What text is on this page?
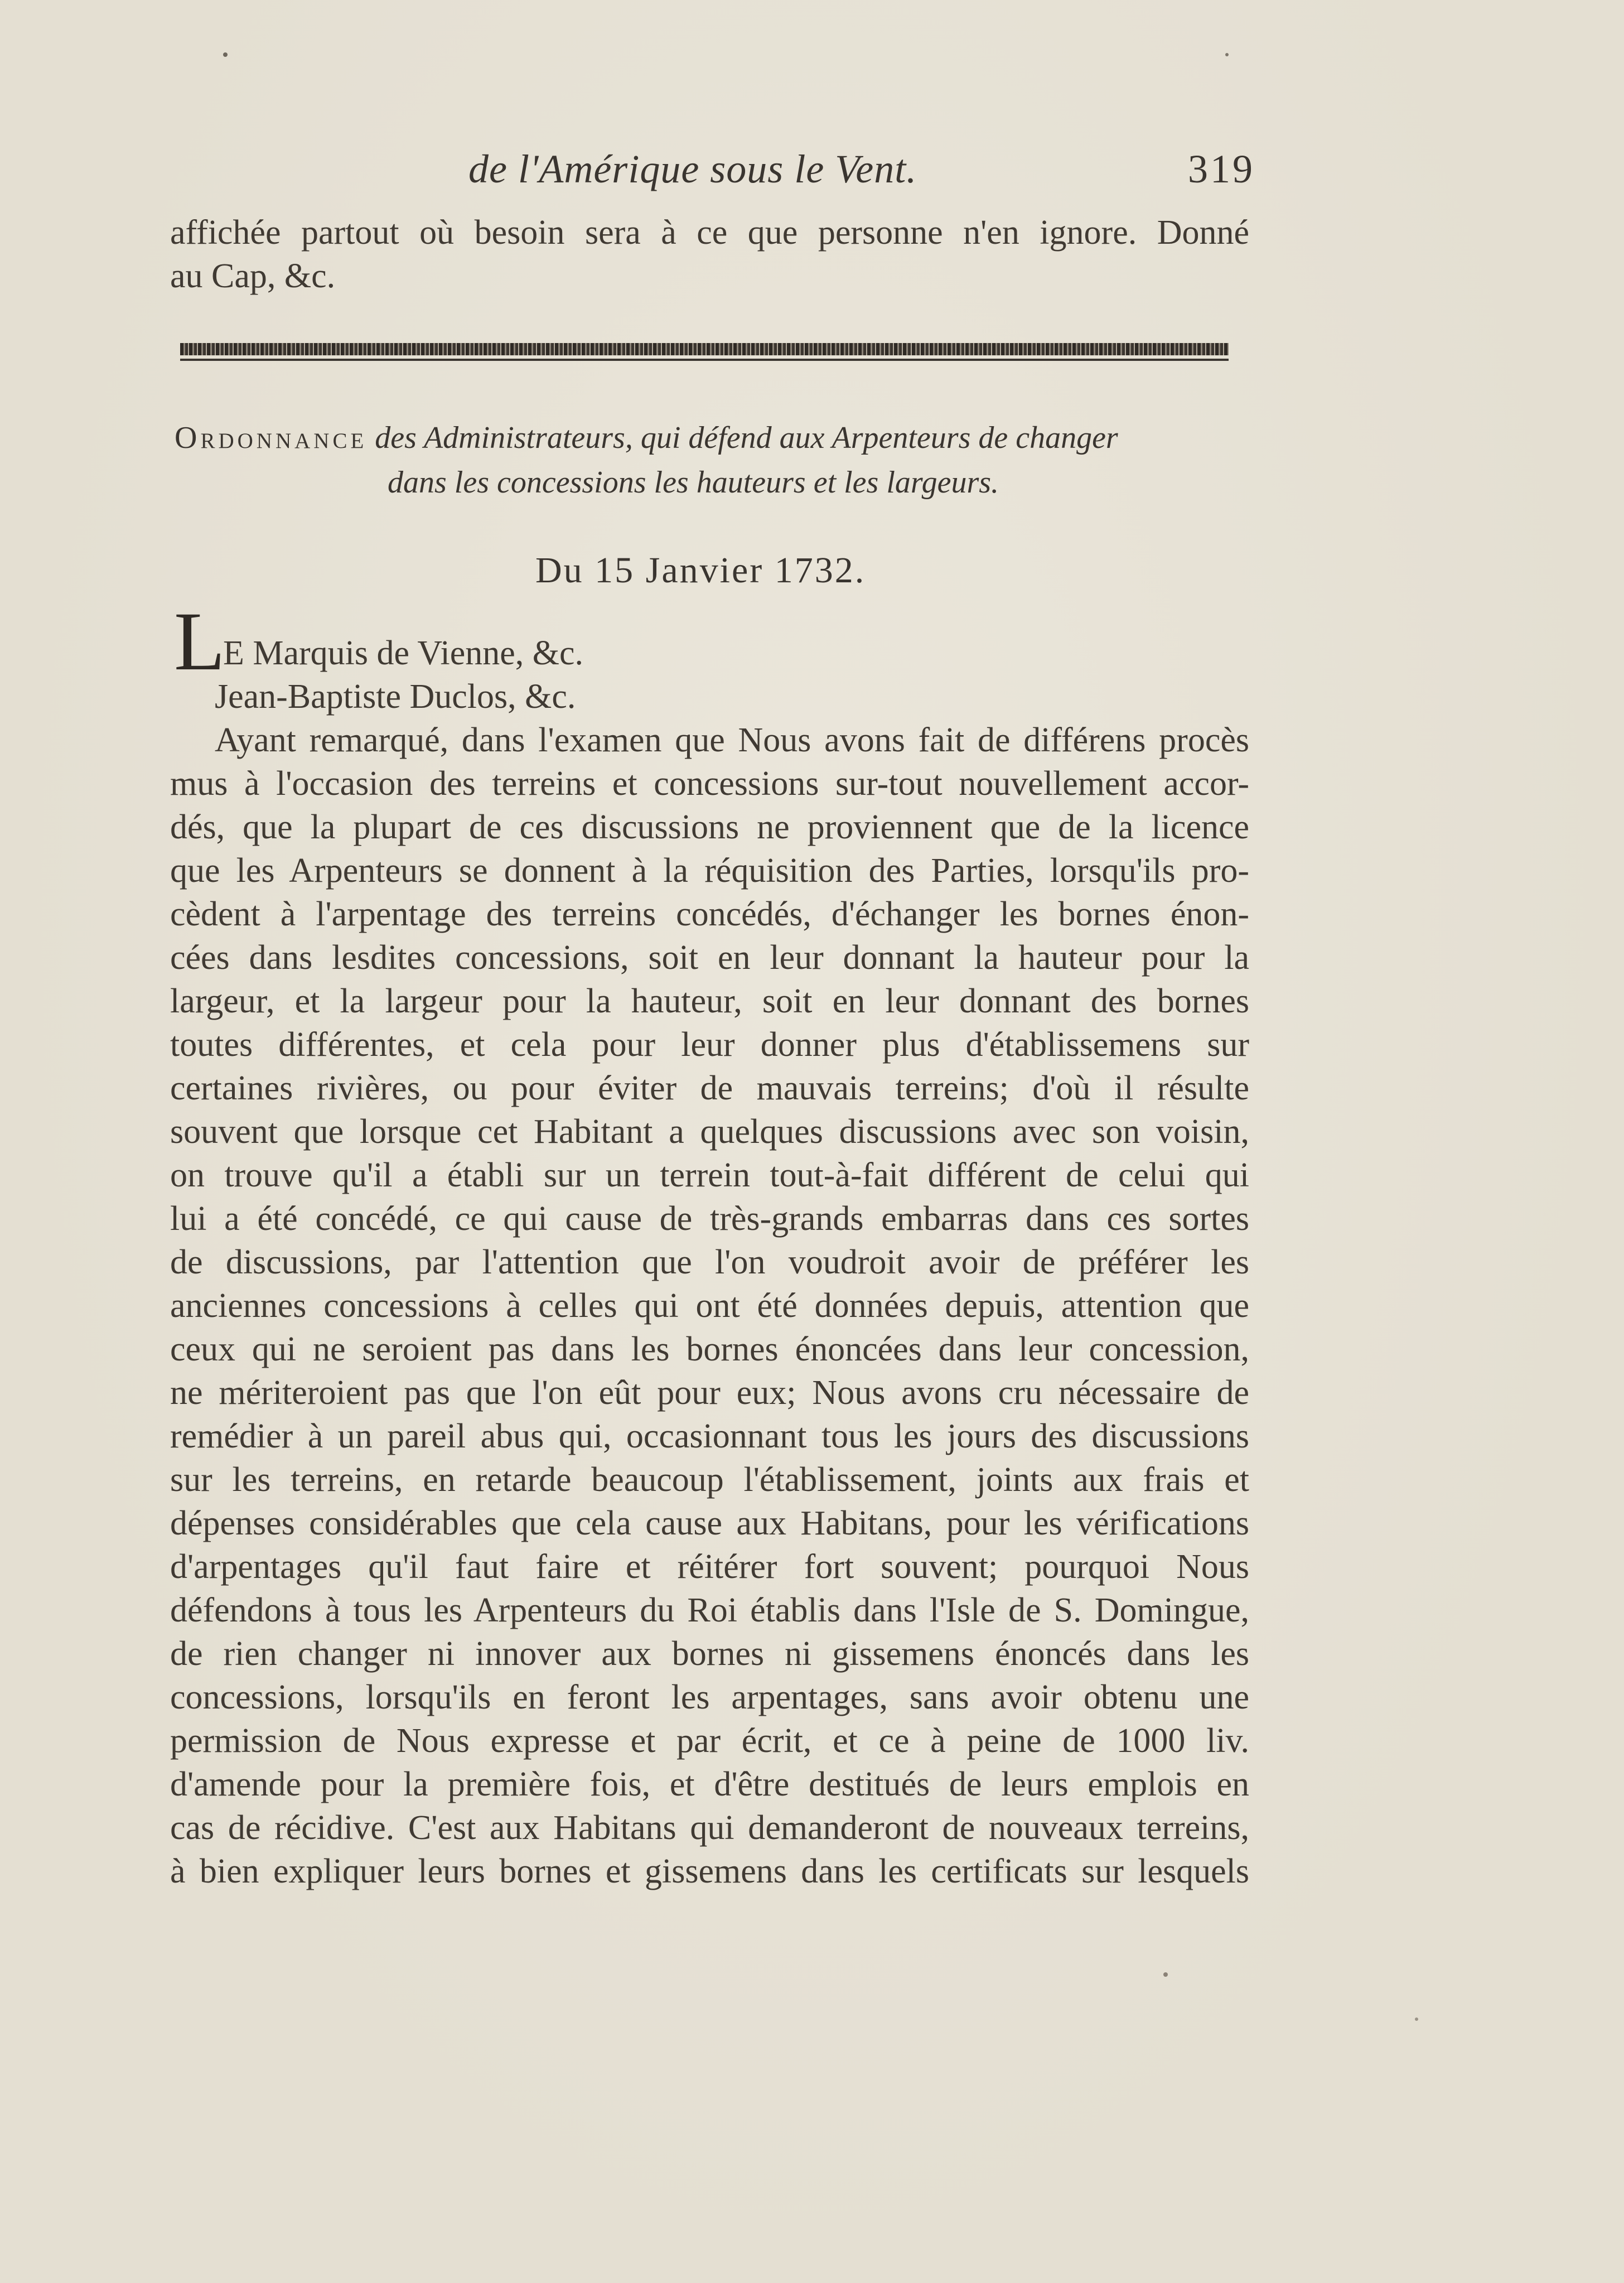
de l'Amérique sous le Vent.	319
affichée partout où besoin sera à ce que personne n'en ignore. Donné
au Cap, &c.
Ordonnance des Administrateurs, qui défend aux Arpenteurs de changer
dans les concessions les hauteurs et les largeurs.
Du 15 Janvier 1732.
L
E Marquis de Vienne, &c.
Jean-Baptiste Duclos, &c.
Ayant remarqué, dans l'examen que Nous avons fait de différens procès
mus à l'occasion des terreins et concessions sur-tout nouvellement accor-
dés, que la plupart de ces discussions ne proviennent que de la licence
que les Arpenteurs se donnent à la réquisition des Parties, lorsqu'ils pro-
cèdent à l'arpentage des terreins concédés, d'échanger les bornes énon-
cées dans lesdites concessions, soit en leur donnant la hauteur pour la
largeur, et la largeur pour la hauteur, soit en leur donnant des bornes
toutes différentes, et cela pour leur donner plus d'établissemens sur
certaines rivières, ou pour éviter de mauvais terreins; d'où il résulte
souvent que lorsque cet Habitant a quelques discussions avec son voisin,
on trouve qu'il a établi sur un terrein tout-à-fait différent de celui qui
lui a été concédé, ce qui cause de très-grands embarras dans ces sortes
de discussions, par l'attention que l'on voudroit avoir de préférer les
anciennes concessions à celles qui ont été données depuis, attention que
ceux qui ne seroient pas dans les bornes énoncées dans leur concession,
ne mériteroient pas que l'on eût pour eux; Nous avons cru nécessaire de
remédier à un pareil abus qui, occasionnant tous les jours des discussions
sur les terreins, en retarde beaucoup l'établissement, joints aux frais et
dépenses considérables que cela cause aux Habitans, pour les vérifications
d'arpentages qu'il faut faire et réitérer fort souvent; pourquoi Nous
défendons à tous les Arpenteurs du Roi établis dans l'Isle de S. Domingue,
de rien changer ni innover aux bornes ni gissemens énoncés dans les
concessions, lorsqu'ils en feront les arpentages, sans avoir obtenu une
permission de Nous expresse et par écrit, et ce à peine de 1000 liv.
d'amende pour la première fois, et d'être destitués de leurs emplois en
cas de récidive. C'est aux Habitans qui demanderont de nouveaux terreins,
à bien expliquer leurs bornes et gissemens dans les certificats sur lesquels
